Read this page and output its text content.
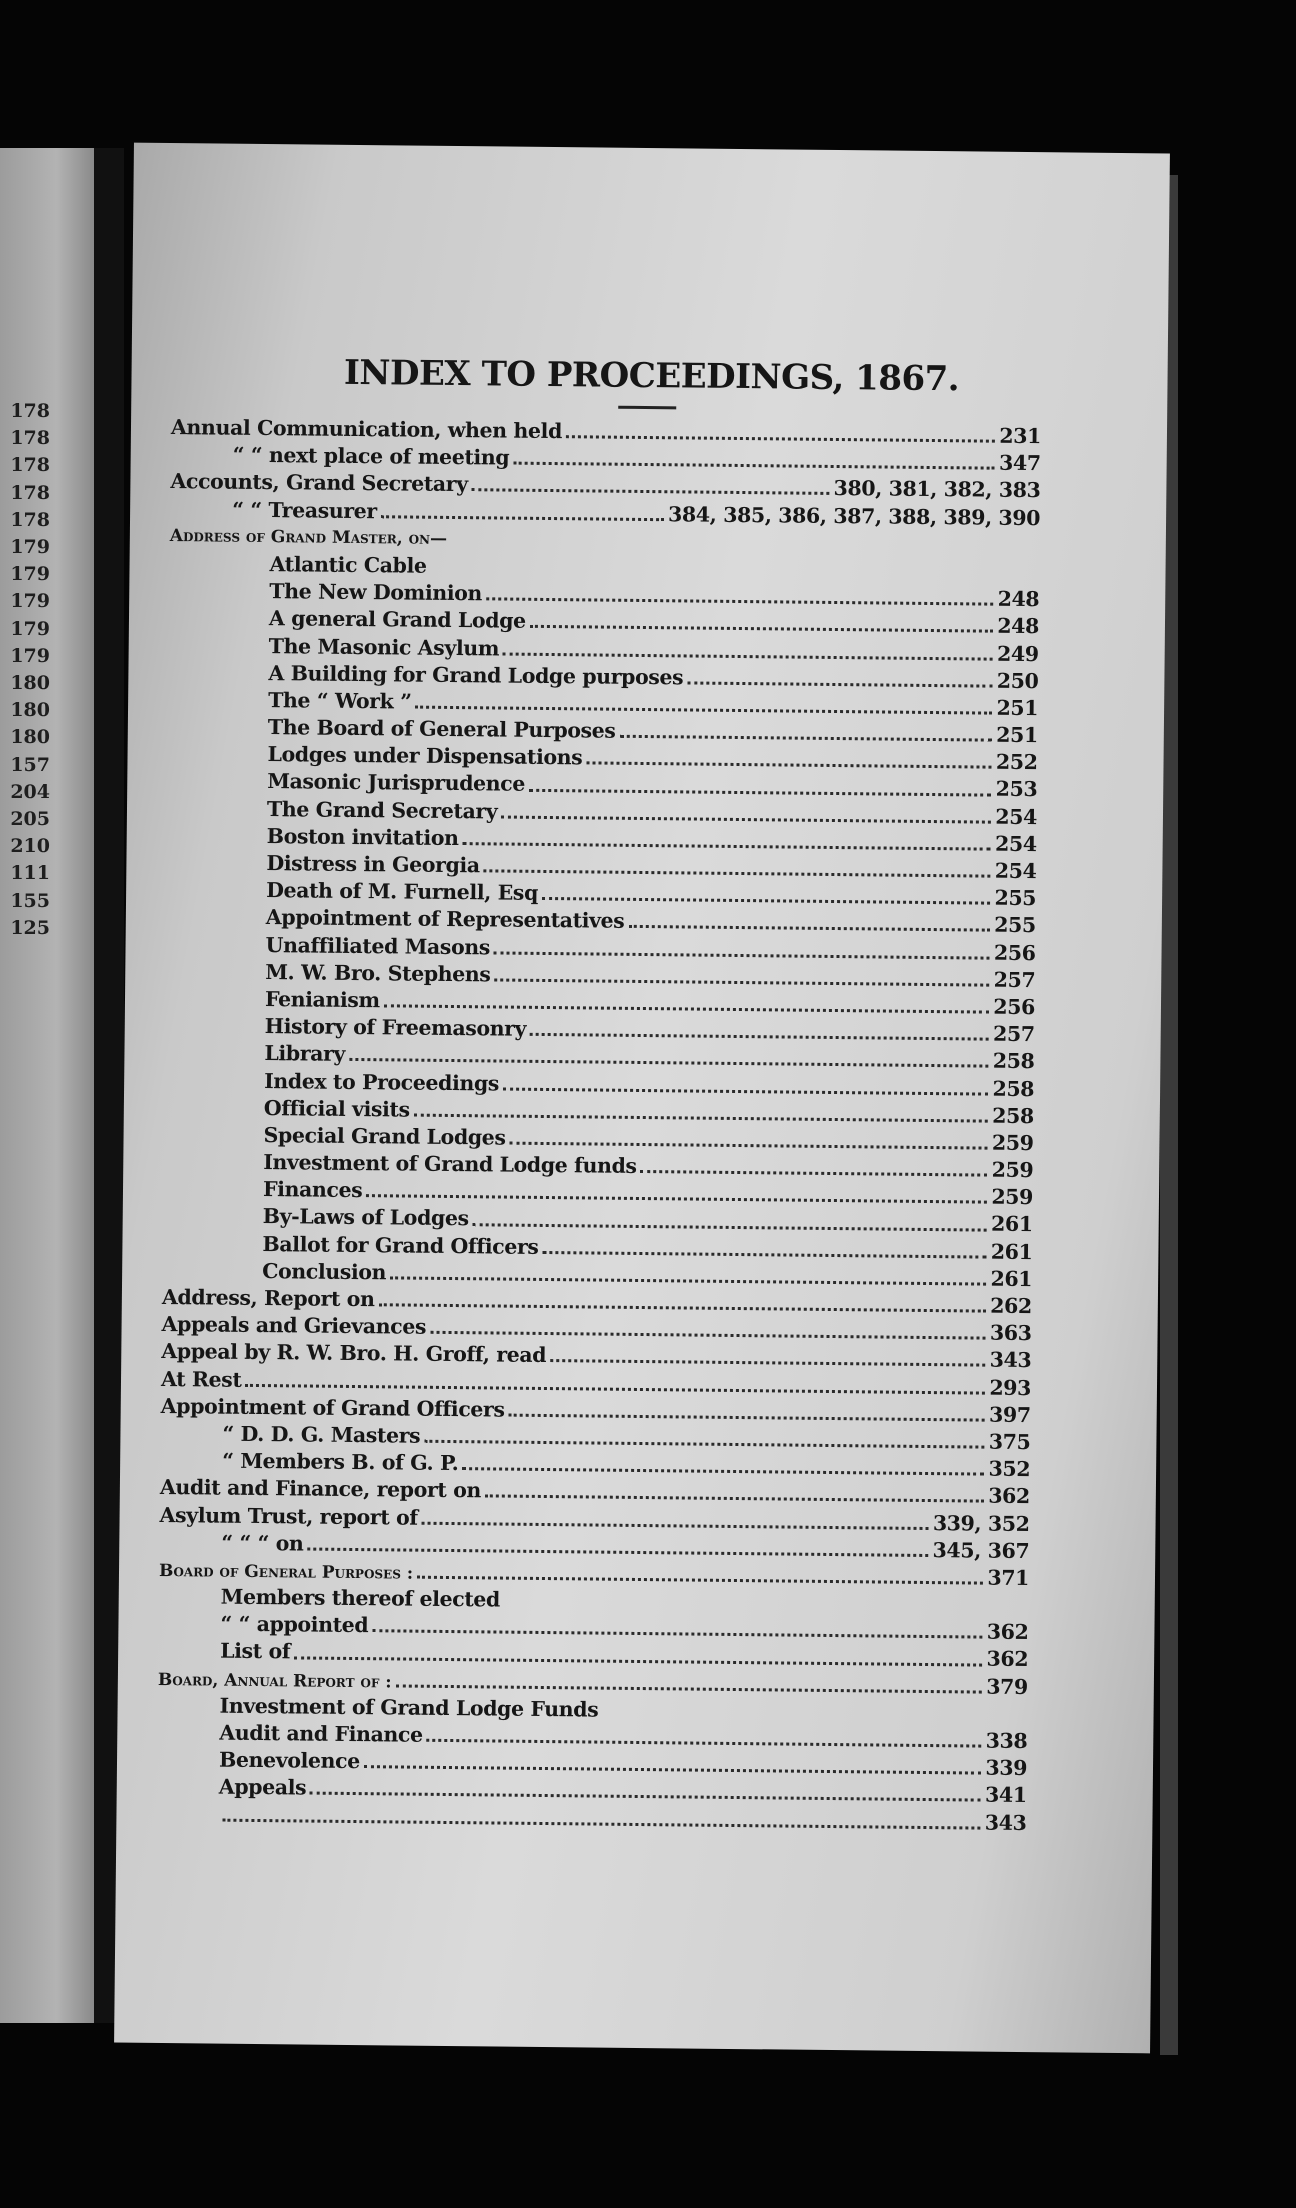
178
178
178
178
178
179
179
179
179
179
180
180
180
157
204
205
210
111
155
125
INDEX TO PROCEEDINGS, 1867.
Annual Communication, when held	231
“ “ next place of meeting	347
Accounts, Grand Secretary	380, 381, 382, 383
“ “ Treasurer	384, 385, 386, 387, 388, 389, 390
Address of Grand Master, on—
Atlantic Cable
The New Dominion	248
A general Grand Lodge	248
The Masonic Asylum	249
A Building for Grand Lodge purposes	250
The “ Work ”	251
The Board of General Purposes	251
Lodges under Dispensations	252
Masonic Jurisprudence	253
The Grand Secretary	254
Boston invitation	254
Distress in Georgia	254
Death of M. Furnell, Esq	255
Appointment of Representatives	255
Unaffiliated Masons	256
M. W. Bro. Stephens	257
Fenianism	256
History of Freemasonry	257
Library	258
Index to Proceedings	258
Official visits	258
Special Grand Lodges	259
Investment of Grand Lodge funds	259
Finances	259
By-Laws of Lodges	261
Ballot for Grand Officers	261
Conclusion	261
Address, Report on	262
Appeals and Grievances	363
Appeal by R. W. Bro. H. Groff, read	343
At Rest	293
Appointment of Grand Officers	397
“ D. D. G. Masters	375
“ Members B. of G. P.	352
Audit and Finance, report on	362
Asylum Trust, report of	339, 352
“ “ “ on	345, 367
Board of General Purposes :	371
Members thereof elected
“ “ appointed	362
List of	362
Board, Annual Report of :	379
Investment of Grand Lodge Funds
Audit and Finance	338
Benevolence	339
Appeals	341
343
